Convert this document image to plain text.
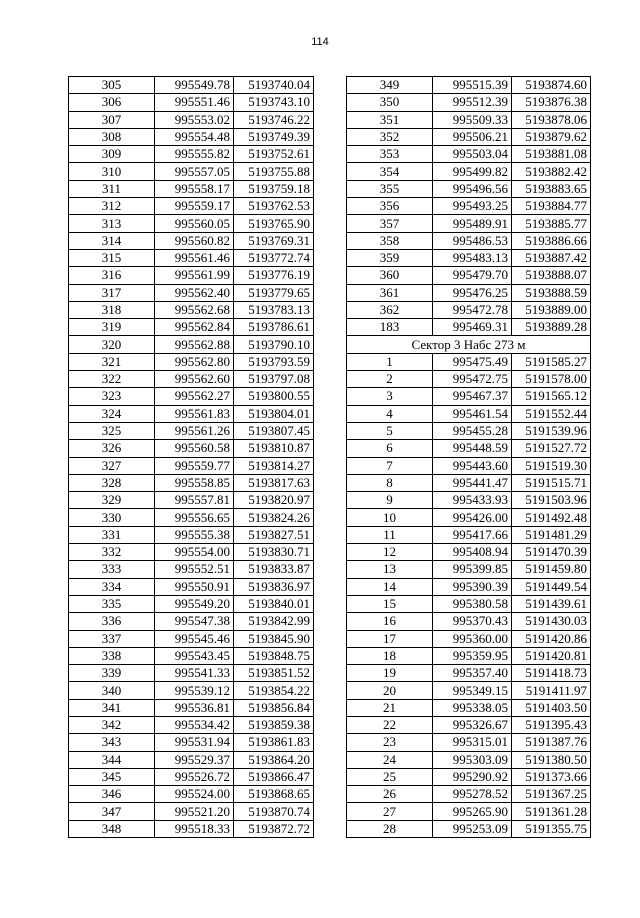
114
305	995549.78	5193740.04
306	995551.46	5193743.10
307	995553.02	5193746.22
308	995554.48	5193749.39
309	995555.82	5193752.61
310	995557.05	5193755.88
311	995558.17	5193759.18
312	995559.17	5193762.53
313	995560.05	5193765.90
314	995560.82	5193769.31
315	995561.46	5193772.74
316	995561.99	5193776.19
317	995562.40	5193779.65
318	995562.68	5193783.13
319	995562.84	5193786.61
320	995562.88	5193790.10
321	995562.80	5193793.59
322	995562.60	5193797.08
323	995562.27	5193800.55
324	995561.83	5193804.01
325	995561.26	5193807.45
326	995560.58	5193810.87
327	995559.77	5193814.27
328	995558.85	5193817.63
329	995557.81	5193820.97
330	995556.65	5193824.26
331	995555.38	5193827.51
332	995554.00	5193830.71
333	995552.51	5193833.87
334	995550.91	5193836.97
335	995549.20	5193840.01
336	995547.38	5193842.99
337	995545.46	5193845.90
338	995543.45	5193848.75
339	995541.33	5193851.52
340	995539.12	5193854.22
341	995536.81	5193856.84
342	995534.42	5193859.38
343	995531.94	5193861.83
344	995529.37	5193864.20
345	995526.72	5193866.47
346	995524.00	5193868.65
347	995521.20	5193870.74
348	995518.33	5193872.72
349	995515.39	5193874.60
350	995512.39	5193876.38
351	995509.33	5193878.06
352	995506.21	5193879.62
353	995503.04	5193881.08
354	995499.82	5193882.42
355	995496.56	5193883.65
356	995493.25	5193884.77
357	995489.91	5193885.77
358	995486.53	5193886.66
359	995483.13	5193887.42
360	995479.70	5193888.07
361	995476.25	5193888.59
362	995472.78	5193889.00
183	995469.31	5193889.28
Сектор 3 Набс 273 м		
1	995475.49	5191585.27
2	995472.75	5191578.00
3	995467.37	5191565.12
4	995461.54	5191552.44
5	995455.28	5191539.96
6	995448.59	5191527.72
7	995443.60	5191519.30
8	995441.47	5191515.71
9	995433.93	5191503.96
10	995426.00	5191492.48
11	995417.66	5191481.29
12	995408.94	5191470.39
13	995399.85	5191459.80
14	995390.39	5191449.54
15	995380.58	5191439.61
16	995370.43	5191430.03
17	995360.00	5191420.86
18	995359.95	5191420.81
19	995357.40	5191418.73
20	995349.15	5191411.97
21	995338.05	5191403.50
22	995326.67	5191395.43
23	995315.01	5191387.76
24	995303.09	5191380.50
25	995290.92	5191373.66
26	995278.52	5191367.25
27	995265.90	5191361.28
28	995253.09	5191355.75
